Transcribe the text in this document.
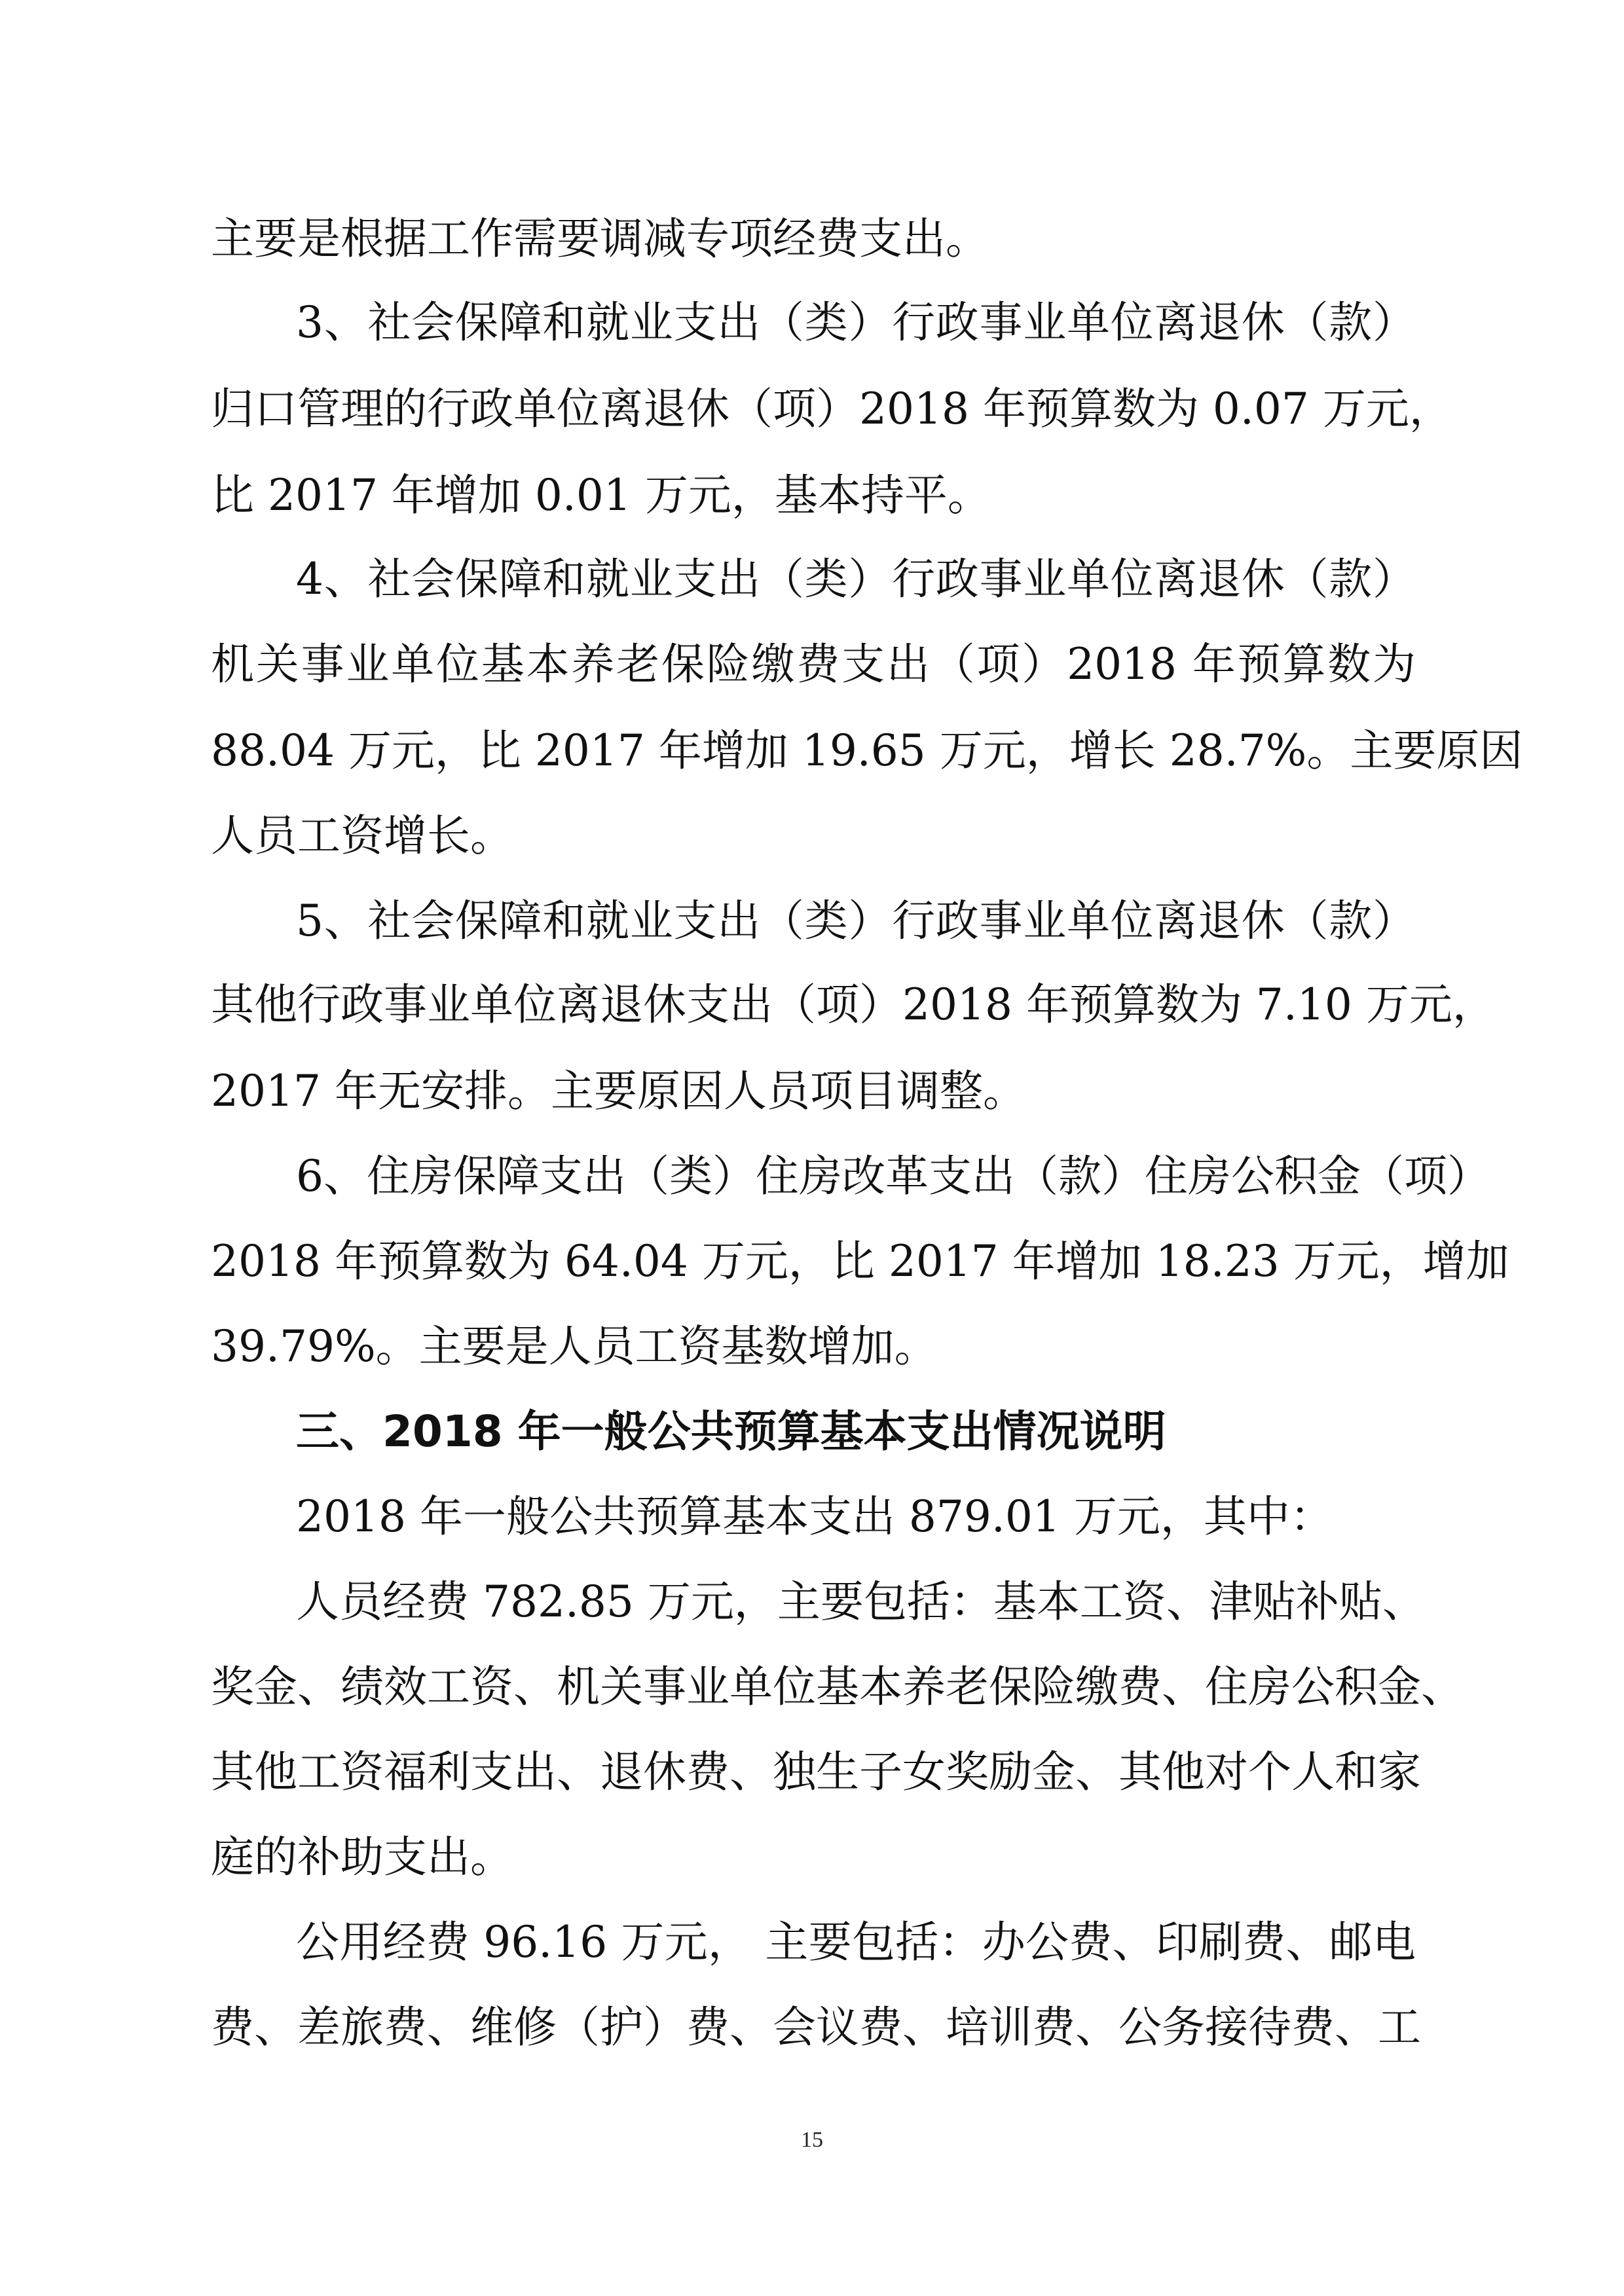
主要是根据工作需要调减专项经费支出。
3、社会保障和就业支出（类）行政事业单位离退休（款）
归口管理的行政单位离退休（项）2018 年预算数为 0.07 万元，
比 2017 年增加 0.01 万元，基本持平。
4、社会保障和就业支出（类）行政事业单位离退休（款）
机关事业单位基本养老保险缴费支出（项）2018 年预算数为
88.04 万元，比 2017 年增加 19.65 万元，增长 28.7%。主要原因
人员工资增长。
5、社会保障和就业支出（类）行政事业单位离退休（款）
其他行政事业单位离退休支出（项）2018 年预算数为 7.10 万元，
2017 年无安排。主要原因人员项目调整。
6、住房保障支出（类）住房改革支出（款）住房公积金（项）
2018 年预算数为 64.04 万元，比 2017 年增加 18.23 万元，增加
39.79%。主要是人员工资基数增加。
三、2018 年一般公共预算基本支出情况说明
2018 年一般公共预算基本支出 879.01 万元，其中：
人员经费 782.85 万元，主要包括：基本工资、津贴补贴、
奖金、绩效工资、机关事业单位基本养老保险缴费、住房公积金、
其他工资福利支出、退休费、独生子女奖励金、其他对个人和家
庭的补助支出。
公用经费 96.16 万元， 主要包括：办公费、印刷费、邮电
费、差旅费、维修（护）费、会议费、培训费、公务接待费、工
15
